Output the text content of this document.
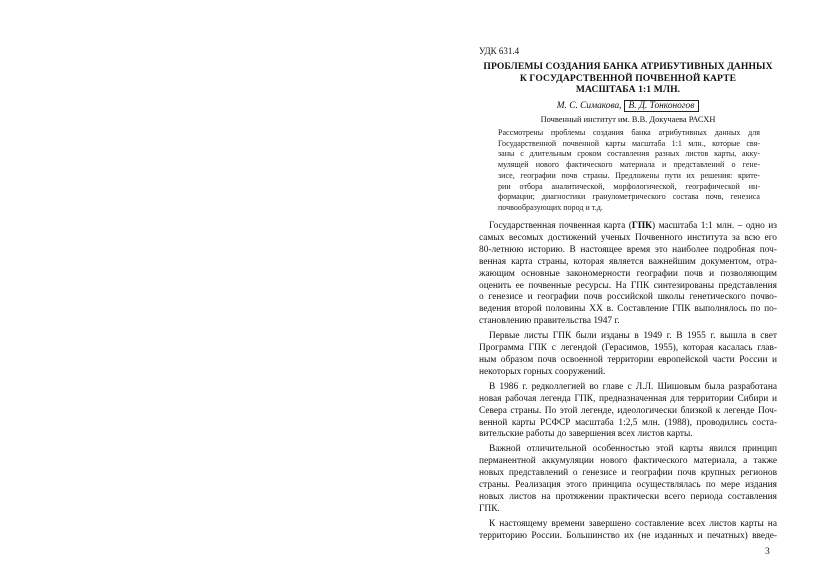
УДК 631.4
ПРОБЛЕМЫ СОЗДАНИЯ БАНКА АТРИБУТИВНЫХ ДАННЫХ
К ГОСУДАРСТВЕННОЙ ПОЧВЕННОЙ КАРТЕ
МАСШТАБА 1:1 МЛН.
М. С. Симакова, В. Д. Тонконогов
Почвенный институт им. В.В. Докучаева РАСХН
Рассмотрены проблемы создания банка атрибутивных данных для
Государственной почвенной карты масштаба 1:1 млн., которые свя-
заны с длительным сроком составления разных листов карты, акку-
мулящей нового фактического материала и представлений о гене-
зисе, географии почв страны. Предложены пути их решения: крите-
рии отбора аналитической, морфологической, географической ин-
формации; диагностики гранулометрического состава почв, генезиса
почвообразующих пород и т.д.
Государственная почвенная карта (ГПК) масштаба 1:1 млн. – одно из
самых весомых достижений ученых Почвенного института за всю его
80-летнюю историю. В настоящее время это наиболее подробная поч-
венная карта страны, которая является важнейшим документом, отра-
жающим основные закономерности географии почв и позволяющим
оценить ее почвенные ресурсы. На ГПК синтезированы представления
о генезисе и географии почв российской школы генетического почво-
ведения второй половины XX в. Составление ГПК выполнялось по по-
становлению правительства 1947 г.
Первые листы ГПК были изданы в 1949 г. В 1955 г. вышла в свет
Программа ГПК с легендой (Герасимов, 1955), которая касалась глав-
ным образом почв освоенной территории европейской части России и
некоторых горных сооружений.
В 1986 г. редколлегией во главе с Л.Л. Шишовым была разработана
новая рабочая легенда ГПК, предназначенная для территории Сибири и
Севера страны. По этой легенде, идеологически близкой к легенде Поч-
венной карты РСФСР масштаба 1:2,5 млн. (1988), проводились соста-
вительские работы до завершения всех листов карты.
Важной отличительной особенностью этой карты явился принцип
перманентной аккумуляции нового фактического материала, а также
новых представлений о генезисе и географии почв крупных регионов
страны. Реализация этого принципа осуществлялась по мере издания
новых листов на протяжении практически всего периода составления
ГПК.
К настоящему времени завершено составление всех листов карты на
территорию России. Большинство их (не изданных и печатных) введе-
3
